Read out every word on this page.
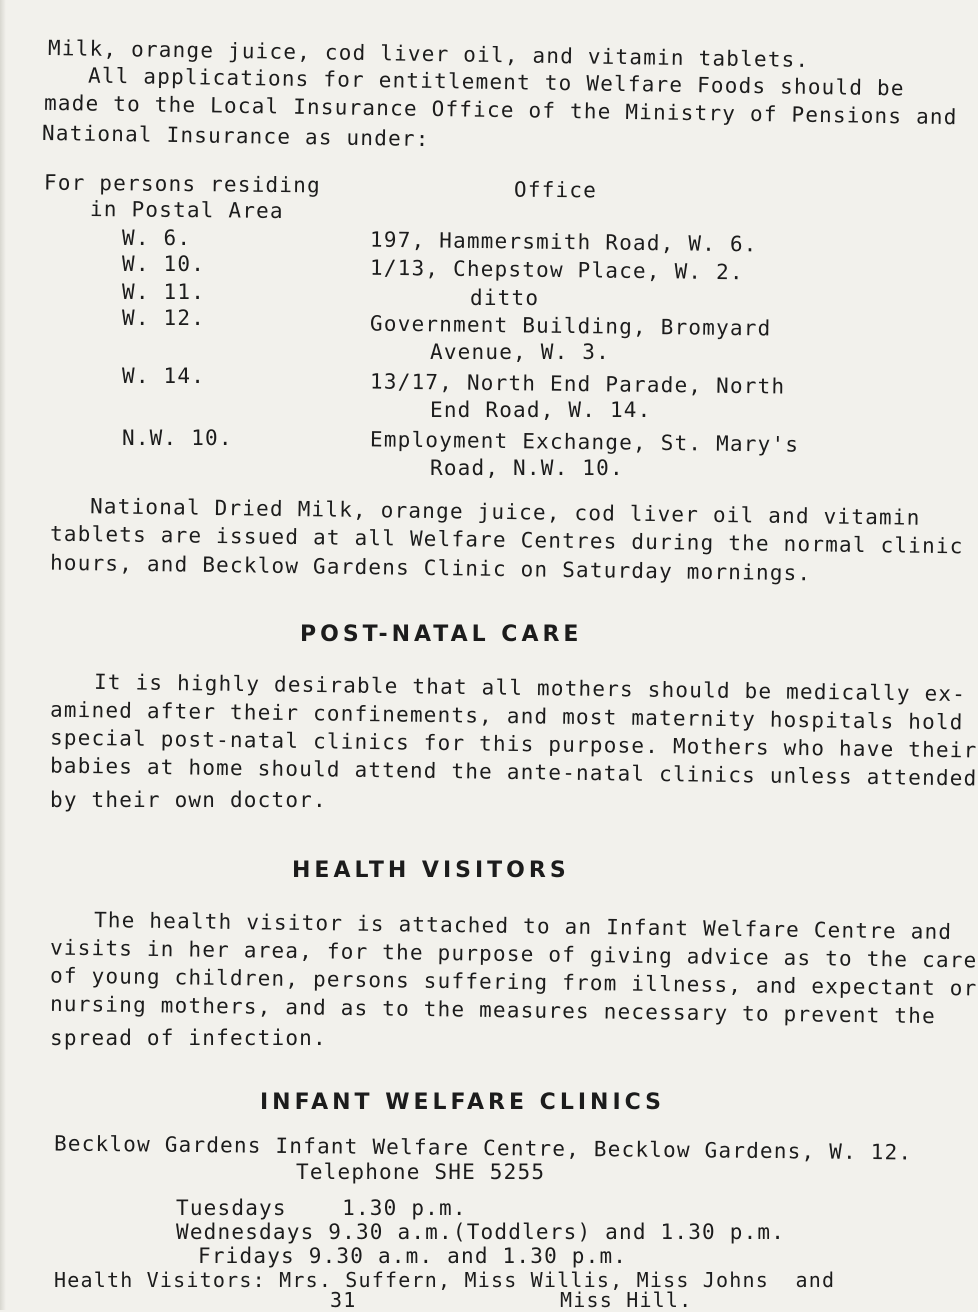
Milk, orange juice, cod liver oil, and vitamin tablets.
All applications for entitlement to Welfare Foods should be
made to the Local Insurance Office of the Ministry of Pensions and
National Insurance as under:
For persons residing
in Postal Area
Office
W. 6.	197, Hammersmith Road, W. 6.
W. 10.	1/13, Chepstow Place, W. 2.
W. 11.	ditto
W. 12.	Government Building, Bromyard
Avenue, W. 3.
W. 14.	13/17, North End Parade, North
End Road, W. 14.
N.W. 10.	Employment Exchange, St. Mary's
Road, N.W. 10.
National Dried Milk, orange juice, cod liver oil and vitamin
tablets are issued at all Welfare Centres during the normal clinic
hours, and Becklow Gardens Clinic on Saturday mornings.
POST-NATAL CARE
It is highly desirable that all mothers should be medically ex-
amined after their confinements, and most maternity hospitals hold
special post-natal clinics for this purpose. Mothers who have their
babies at home should attend the ante-natal clinics unless attended
by their own doctor.
HEALTH VISITORS
The health visitor is attached to an Infant Welfare Centre and
visits in her area, for the purpose of giving advice as to the care
of young children, persons suffering from illness, and expectant or
nursing mothers, and as to the measures necessary to prevent the
spread of infection.
INFANT WELFARE CLINICS
Becklow Gardens Infant Welfare Centre, Becklow Gardens, W. 12.
Telephone SHE 5255
Tuesdays    1.30 p.m.
Wednesdays 9.30 a.m.(Toddlers) and 1.30 p.m.
Fridays 9.30 a.m. and 1.30 p.m.
Health Visitors: Mrs. Suffern, Miss Willis, Miss Johns  and
Miss Hill.
31
